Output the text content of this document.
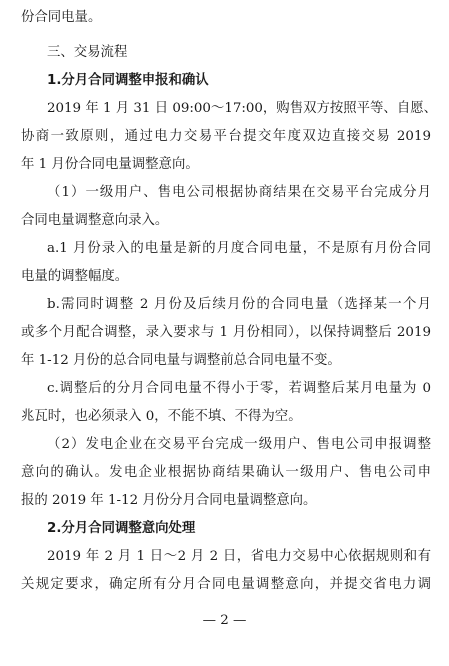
份合同电量。
三、交易流程
1.分月合同调整申报和确认
2019 年 1 月 31 日 09:00～17:00，购售双方按照平等、自愿、
协商一致原则，通过电力交易平台提交年度双边直接交易 2019
年 1 月份合同电量调整意向。
（1）一级用户、售电公司根据协商结果在交易平台完成分月
合同电量调整意向录入。
a.1 月份录入的电量是新的月度合同电量，不是原有月份合同
电量的调整幅度。
b.需同时调整 2 月份及后续月份的合同电量（选择某一个月
或多个月配合调整，录入要求与 1 月份相同），以保持调整后 2019
年 1-12 月份的总合同电量与调整前总合同电量不变。
c.调整后的分月合同电量不得小于零，若调整后某月电量为 0
兆瓦时，也必须录入 0，不能不填、不得为空。
（2）发电企业在交易平台完成一级用户、售电公司申报调整
意向的确认。发电企业根据协商结果确认一级用户、售电公司申
报的 2019 年 1-12 月份分月合同电量调整意向。
2.分月合同调整意向处理
2019 年 2 月 1 日～2 月 2 日，省电力交易中心依据规则和有
关规定要求，确定所有分月合同电量调整意向，并提交省电力调
— 2 —
